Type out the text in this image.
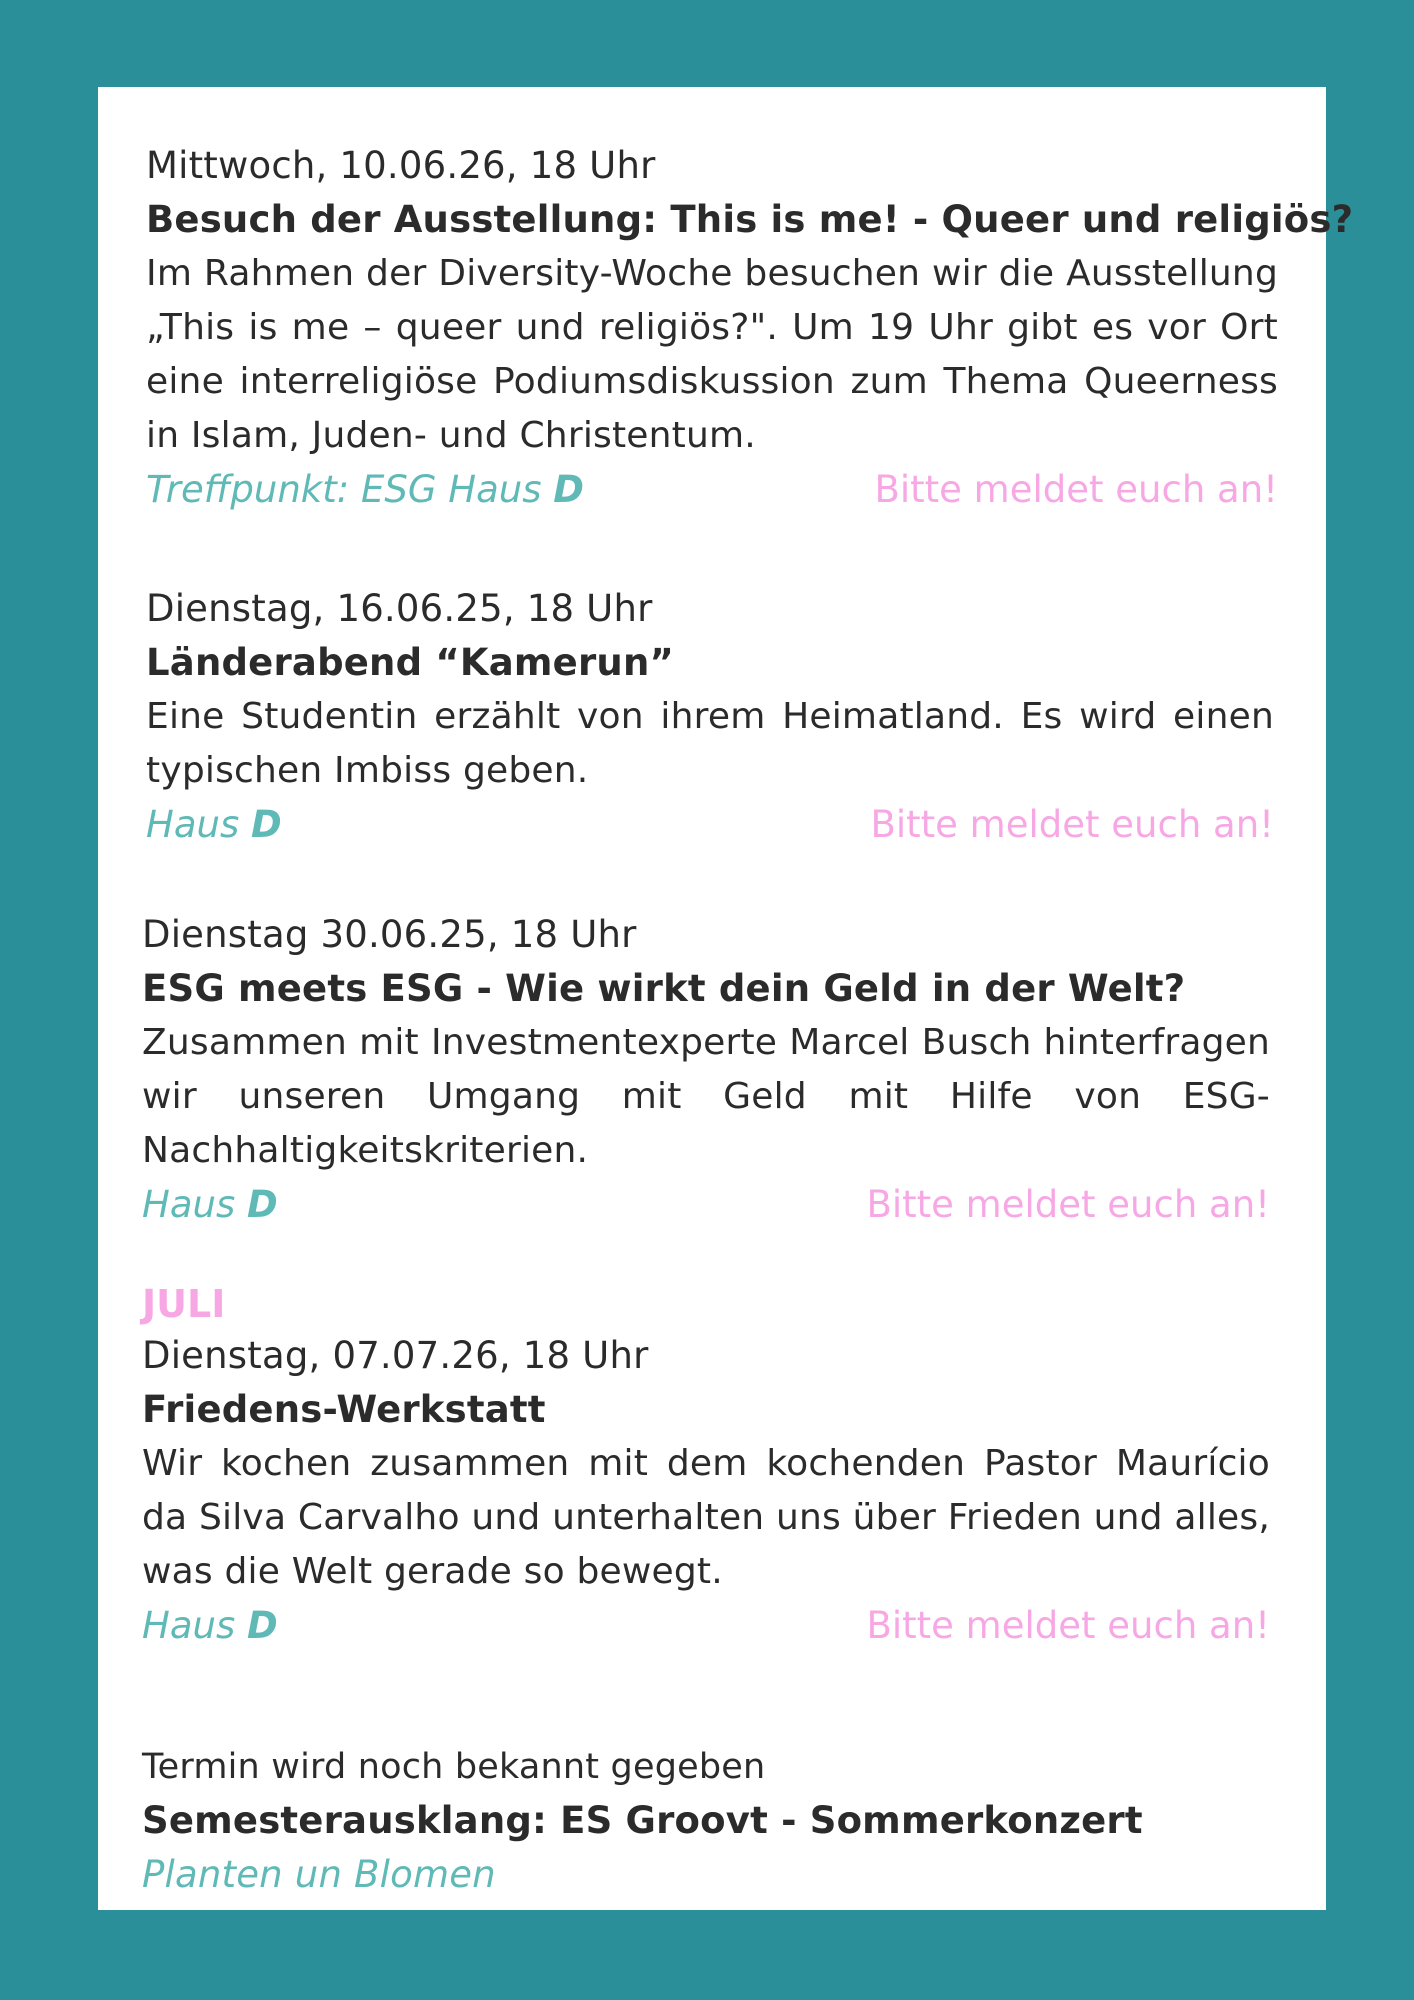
Mittwoch, 10.06.26, 18 Uhr
Besuch der Ausstellung: This is me! - Queer und religiös?
Im Rahmen der Diversity-Woche besuchen wir die Ausstellung „This is me – queer und religiös?". Um 19 Uhr gibt es vor Ort eine interreligiöse Podiumsdiskussion zum Thema Queerness in Islam, Juden- und Christentum.
Treffpunkt: ESG Haus D	Bitte meldet euch an!
Dienstag, 16.06.25, 18 Uhr
Länderabend “Kamerun”
Eine Studentin erzählt von ihrem Heimatland. Es wird einen typischen Imbiss geben.
Haus D	Bitte meldet euch an!
Dienstag 30.06.25, 18 Uhr
ESG meets ESG - Wie wirkt dein Geld in der Welt?
Zusammen mit Investmentexperte Marcel Busch hinterfragen wir unseren Umgang mit Geld mit Hilfe von ESG-Nachhaltigkeitskriterien.
Haus D	Bitte meldet euch an!
JULI
Dienstag, 07.07.26, 18 Uhr
Friedens-Werkstatt
Wir kochen zusammen mit dem kochenden Pastor Maurício da Silva Carvalho und unterhalten uns über Frieden und alles, was die Welt gerade so bewegt.
Haus D	Bitte meldet euch an!
Termin wird noch bekannt gegeben
Semesterausklang: ES Groovt - Sommerkonzert
Planten un Blomen
